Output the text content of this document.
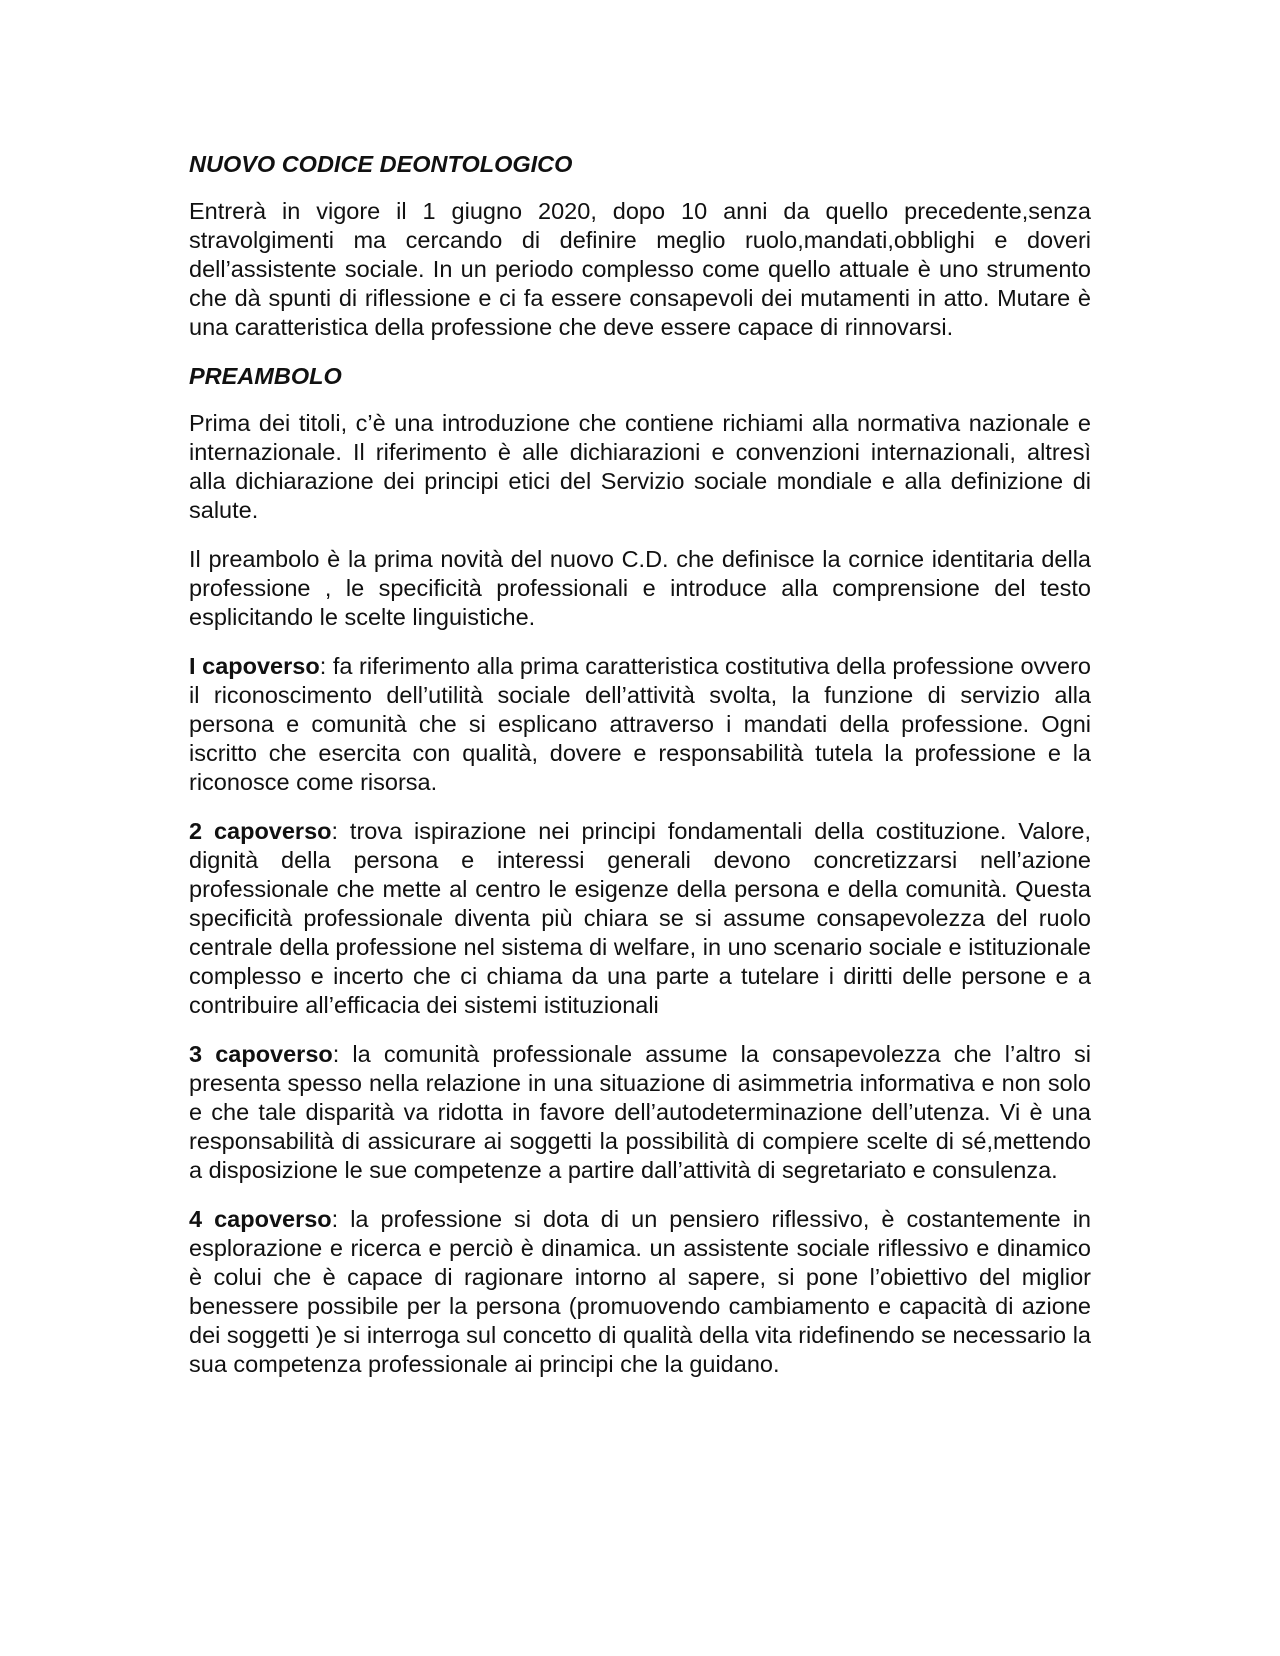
NUOVO CODICE DEONTOLOGICO

Entrerà in vigore il 1 giugno 2020, dopo 10 anni da quello precedente,senza stravolgimenti ma cercando di definire meglio ruolo,mandati,obblighi e doveri dell’assistente sociale. In un periodo complesso come quello attuale è uno strumento che dà spunti di riflessione e ci fa essere consapevoli dei mutamenti in atto. Mutare è una caratteristica della professione che deve essere capace di rinnovarsi.

PREAMBOLO

Prima dei titoli, c’è una introduzione che contiene richiami alla normativa nazionale e internazionale. Il riferimento è alle dichiarazioni e convenzioni internazionali, altresì alla dichiarazione dei principi etici del Servizio sociale mondiale e alla definizione di salute.

Il preambolo è la prima novità del nuovo C.D. che definisce la cornice identitaria della professione , le specificità professionali e introduce alla comprensione del testo esplicitando le scelte linguistiche.

I capoverso: fa riferimento alla prima caratteristica costitutiva della professione ovvero il riconoscimento dell’utilità sociale dell’attività svolta, la funzione di servizio alla persona e comunità che si esplicano attraverso i mandati della professione. Ogni iscritto che esercita con qualità, dovere e responsabilità tutela la professione e la riconosce come risorsa.

2 capoverso: trova ispirazione nei principi fondamentali della costituzione. Valore, dignità della persona e interessi generali devono concretizzarsi nell’azione professionale che mette al centro le esigenze della persona e della comunità. Questa specificità professionale diventa più chiara se si assume consapevolezza del ruolo centrale della professione nel sistema di welfare, in uno scenario sociale e istituzionale complesso e incerto che ci chiama da una parte a tutelare i diritti delle persone e a contribuire all’efficacia dei sistemi istituzionali

3 capoverso: la comunità professionale assume la consapevolezza che l’altro si presenta spesso nella relazione in una situazione di asimmetria informativa e non solo e che tale disparità va ridotta in favore dell’autodeterminazione dell’utenza. Vi è una responsabilità di assicurare ai soggetti la possibilità di compiere scelte di sé,mettendo a disposizione le sue competenze a partire dall’attività di segretariato e consulenza.

4 capoverso: la professione si dota di un pensiero riflessivo, è costantemente in esplorazione e ricerca e perciò è dinamica. un assistente sociale riflessivo e dinamico è colui che è capace di ragionare intorno al sapere, si pone l’obiettivo del miglior benessere possibile per la persona (promuovendo cambiamento e capacità di azione dei soggetti )e si interroga sul concetto di qualità della vita ridefinendo se necessario la sua competenza professionale ai principi che la guidano.
